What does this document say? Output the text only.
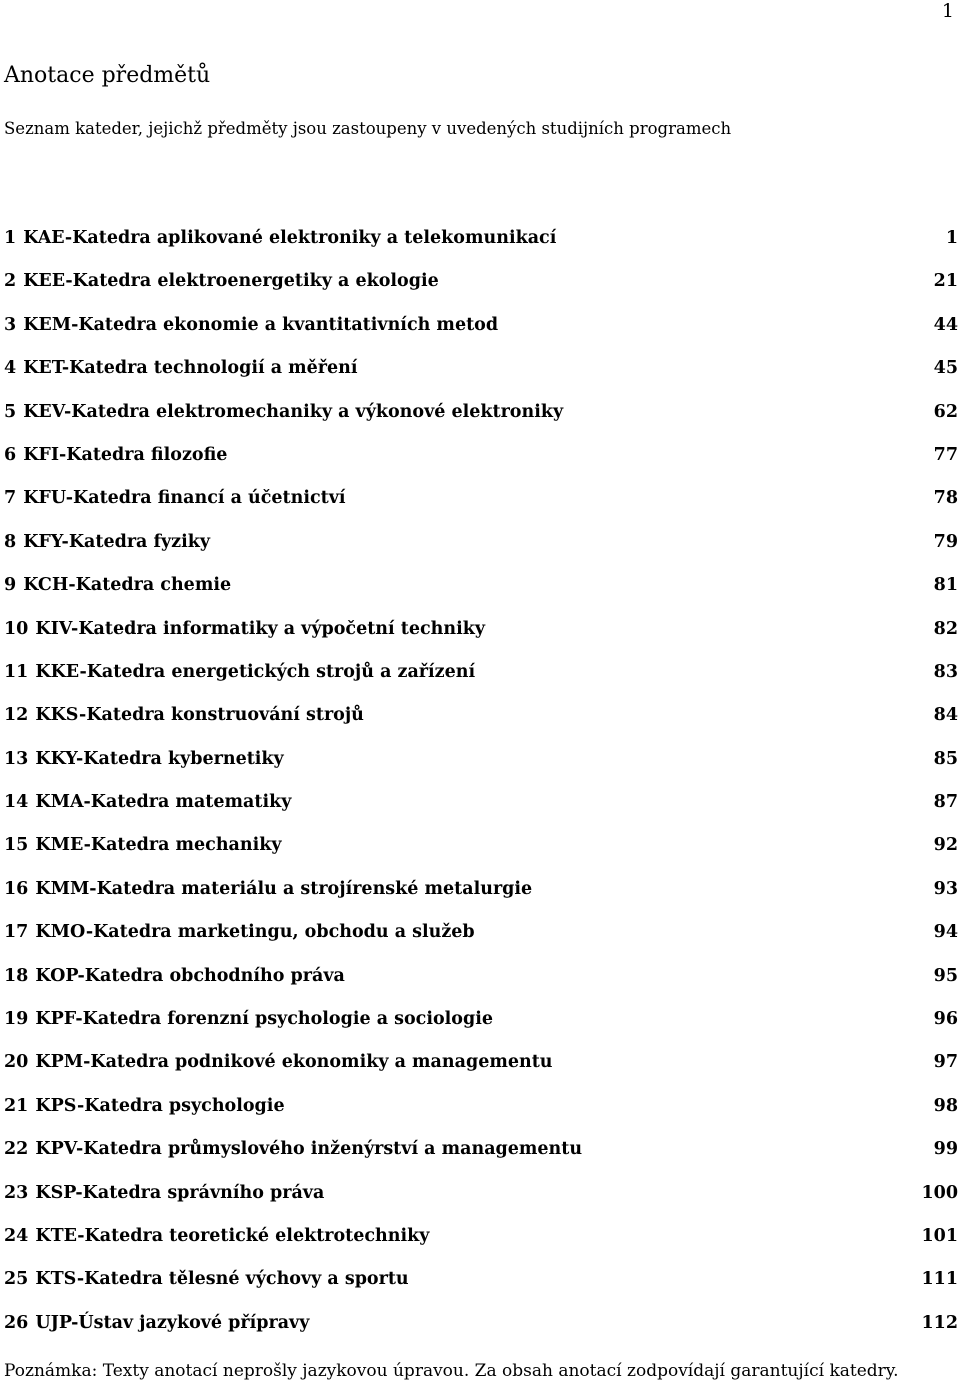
1
Anotace předmětů

Seznam kateder, jejichž předměty jsou zastoupeny v uvedených studijních programech

1 KAE-Katedra aplikované elektroniky a telekomunikací	1
2 KEE-Katedra elektroenergetiky a ekologie	21
3 KEM-Katedra ekonomie a kvantitativních metod	44
4 KET-Katedra technologií a měření	45
5 KEV-Katedra elektromechaniky a výkonové elektroniky	62
6 KFI-Katedra filozofie	77
7 KFU-Katedra financí a účetnictví	78
8 KFY-Katedra fyziky	79
9 KCH-Katedra chemie	81
10 KIV-Katedra informatiky a výpočetní techniky	82
11 KKE-Katedra energetických strojů a zařízení	83
12 KKS-Katedra konstruování strojů	84
13 KKY-Katedra kybernetiky	85
14 KMA-Katedra matematiky	87
15 KME-Katedra mechaniky	92
16 KMM-Katedra materiálu a strojírenské metalurgie	93
17 KMO-Katedra marketingu, obchodu a služeb	94
18 KOP-Katedra obchodního práva	95
19 KPF-Katedra forenzní psychologie a sociologie	96
20 KPM-Katedra podnikové ekonomiky a managementu	97
21 KPS-Katedra psychologie	98
22 KPV-Katedra průmyslového inženýrství a managementu	99
23 KSP-Katedra správního práva	100
24 KTE-Katedra teoretické elektrotechniky	101
25 KTS-Katedra tělesné výchovy a sportu	111
26 UJP-Ústav jazykové přípravy	112

Poznámka: Texty anotací neprošly jazykovou úpravou. Za obsah anotací zodpovídají garantující katedry.
